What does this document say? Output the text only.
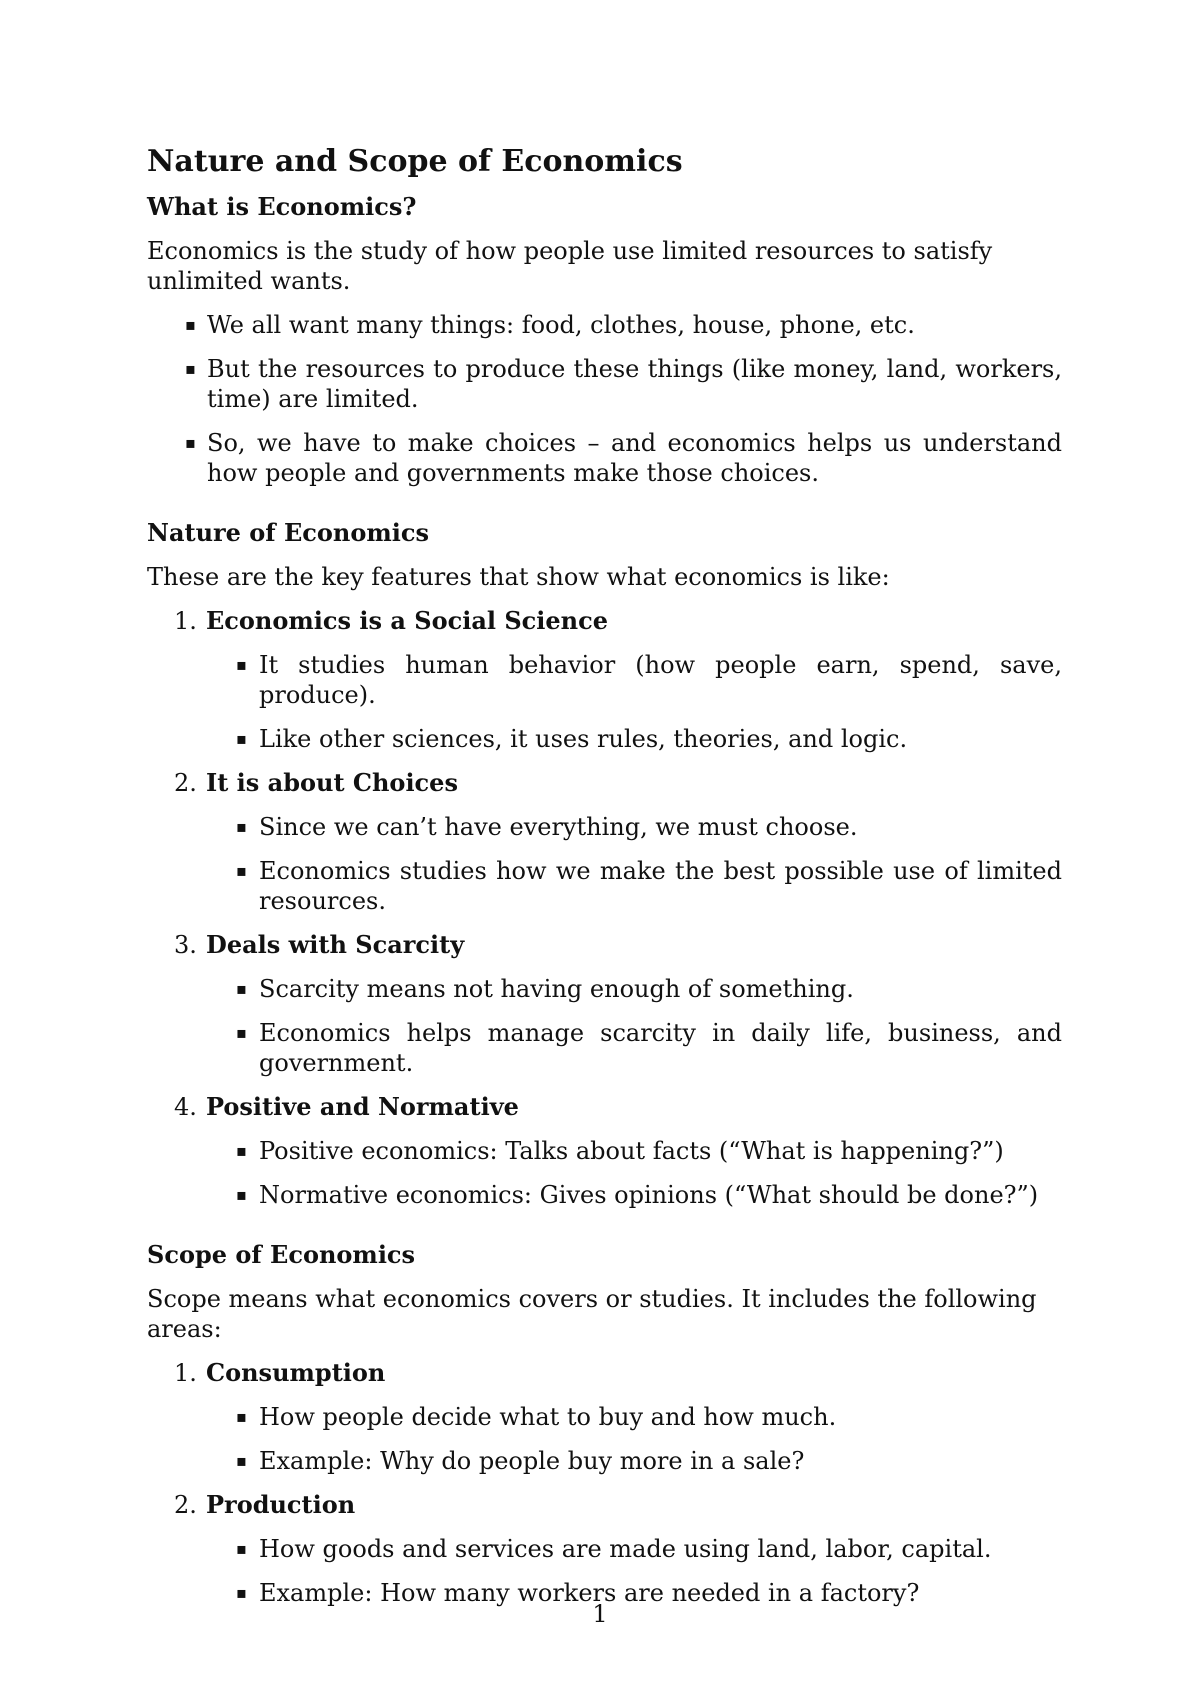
Nature and Scope of Economics
What is Economics?

Economics is the study of how people use limited resources to satisfy unlimited wants.

▪ We all want many things: food, clothes, house, phone, etc.
▪ But the resources to produce these things (like money, land, workers, time) are limited.
▪ So, we have to make choices – and economics helps us understand how people and governments make those choices.
Nature of Economics

These are the key features that show what economics is like:

1. Economics is a Social Science
▪ It studies human behavior (how people earn, spend, save, produce).
▪ Like other sciences, it uses rules, theories, and logic.
2. It is about Choices
▪ Since we can’t have everything, we must choose.
▪ Economics studies how we make the best possible use of limited resources.
3. Deals with Scarcity
▪ Scarcity means not having enough of something.
▪ Economics helps manage scarcity in daily life, business, and government.
4. Positive and Normative
▪ Positive economics: Talks about facts (“What is happening?”)
▪ Normative economics: Gives opinions (“What should be done?”)
Scope of Economics

Scope means what economics covers or studies. It includes the following areas:

1. Consumption
▪ How people decide what to buy and how much.
▪ Example: Why do people buy more in a sale?
2. Production
▪ How goods and services are made using land, labor, capital.
▪ Example: How many workers are needed in a factory?
1
